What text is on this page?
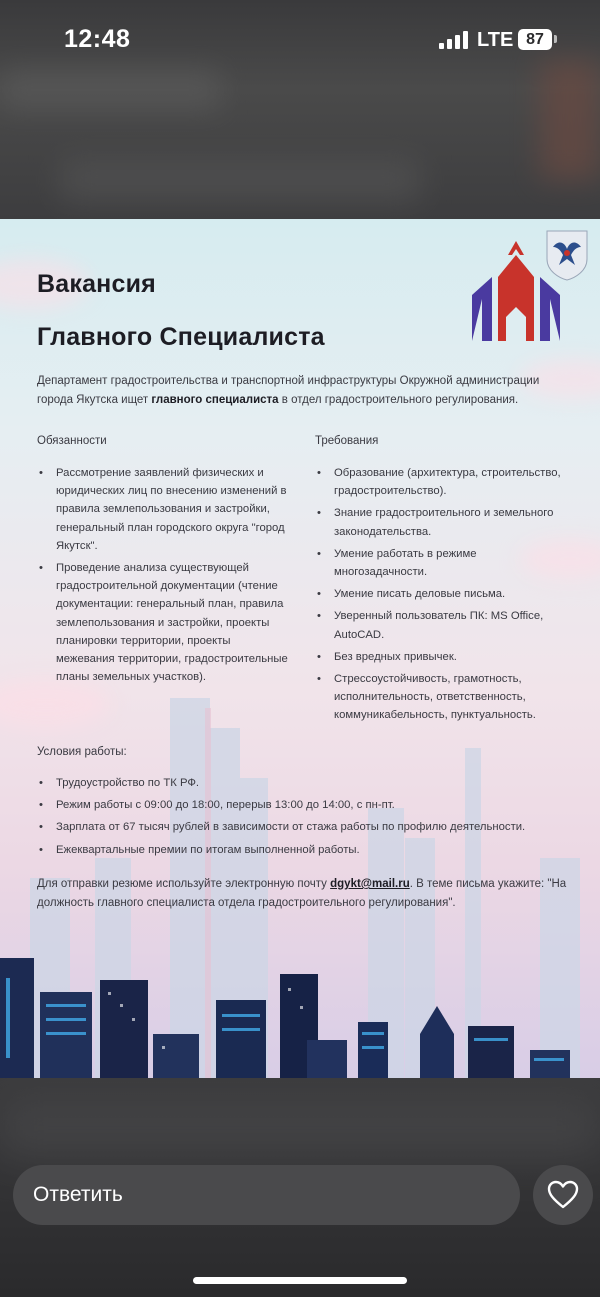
12:48	LTE 87
Вакансия
Главного Специалиста
Департамент градостроительства и транспортной инфраструктуры Окружной администрации города Якутска ищет главного специалиста в отдел градостроительного регулирования.
Обязанности
• Рассмотрение заявлений физических и юридических лиц по внесению изменений в правила землепользования и застройки, генеральный план городского округа "город Якутск".
• Проведение анализа существующей градостроительной документации (чтение документации: генеральный план, правила землепользования и застройки, проекты планировки территории, проекты межевания территории, градостроительные планы земельных участков).
Требования
• Образование (архитектура, строительство, градостроительство).
• Знание градостроительного и земельного законодательства.
• Умение работать в режиме многозадачности.
• Умение писать деловые письма.
• Уверенный пользователь ПК: MS Office, AutoCAD.
• Без вредных привычек.
• Стрессоустойчивость, грамотность, исполнительность, ответственность, коммуникабельность, пунктуальность.
Условия работы:
• Трудоустройство по ТК РФ.
• Режим работы с 09:00 до 18:00, перерыв 13:00 до 14:00, с пн-пт.
• Зарплата от 67 тысяч рублей в зависимости от стажа работы по профилю деятельности.
• Ежеквартальные премии по итогам выполненной работы.
Для отправки резюме используйте электронную почту dgykt@mail.ru. В теме письма укажите: "На должность главного специалиста отдела градостроительного регулирования".
Ответить
